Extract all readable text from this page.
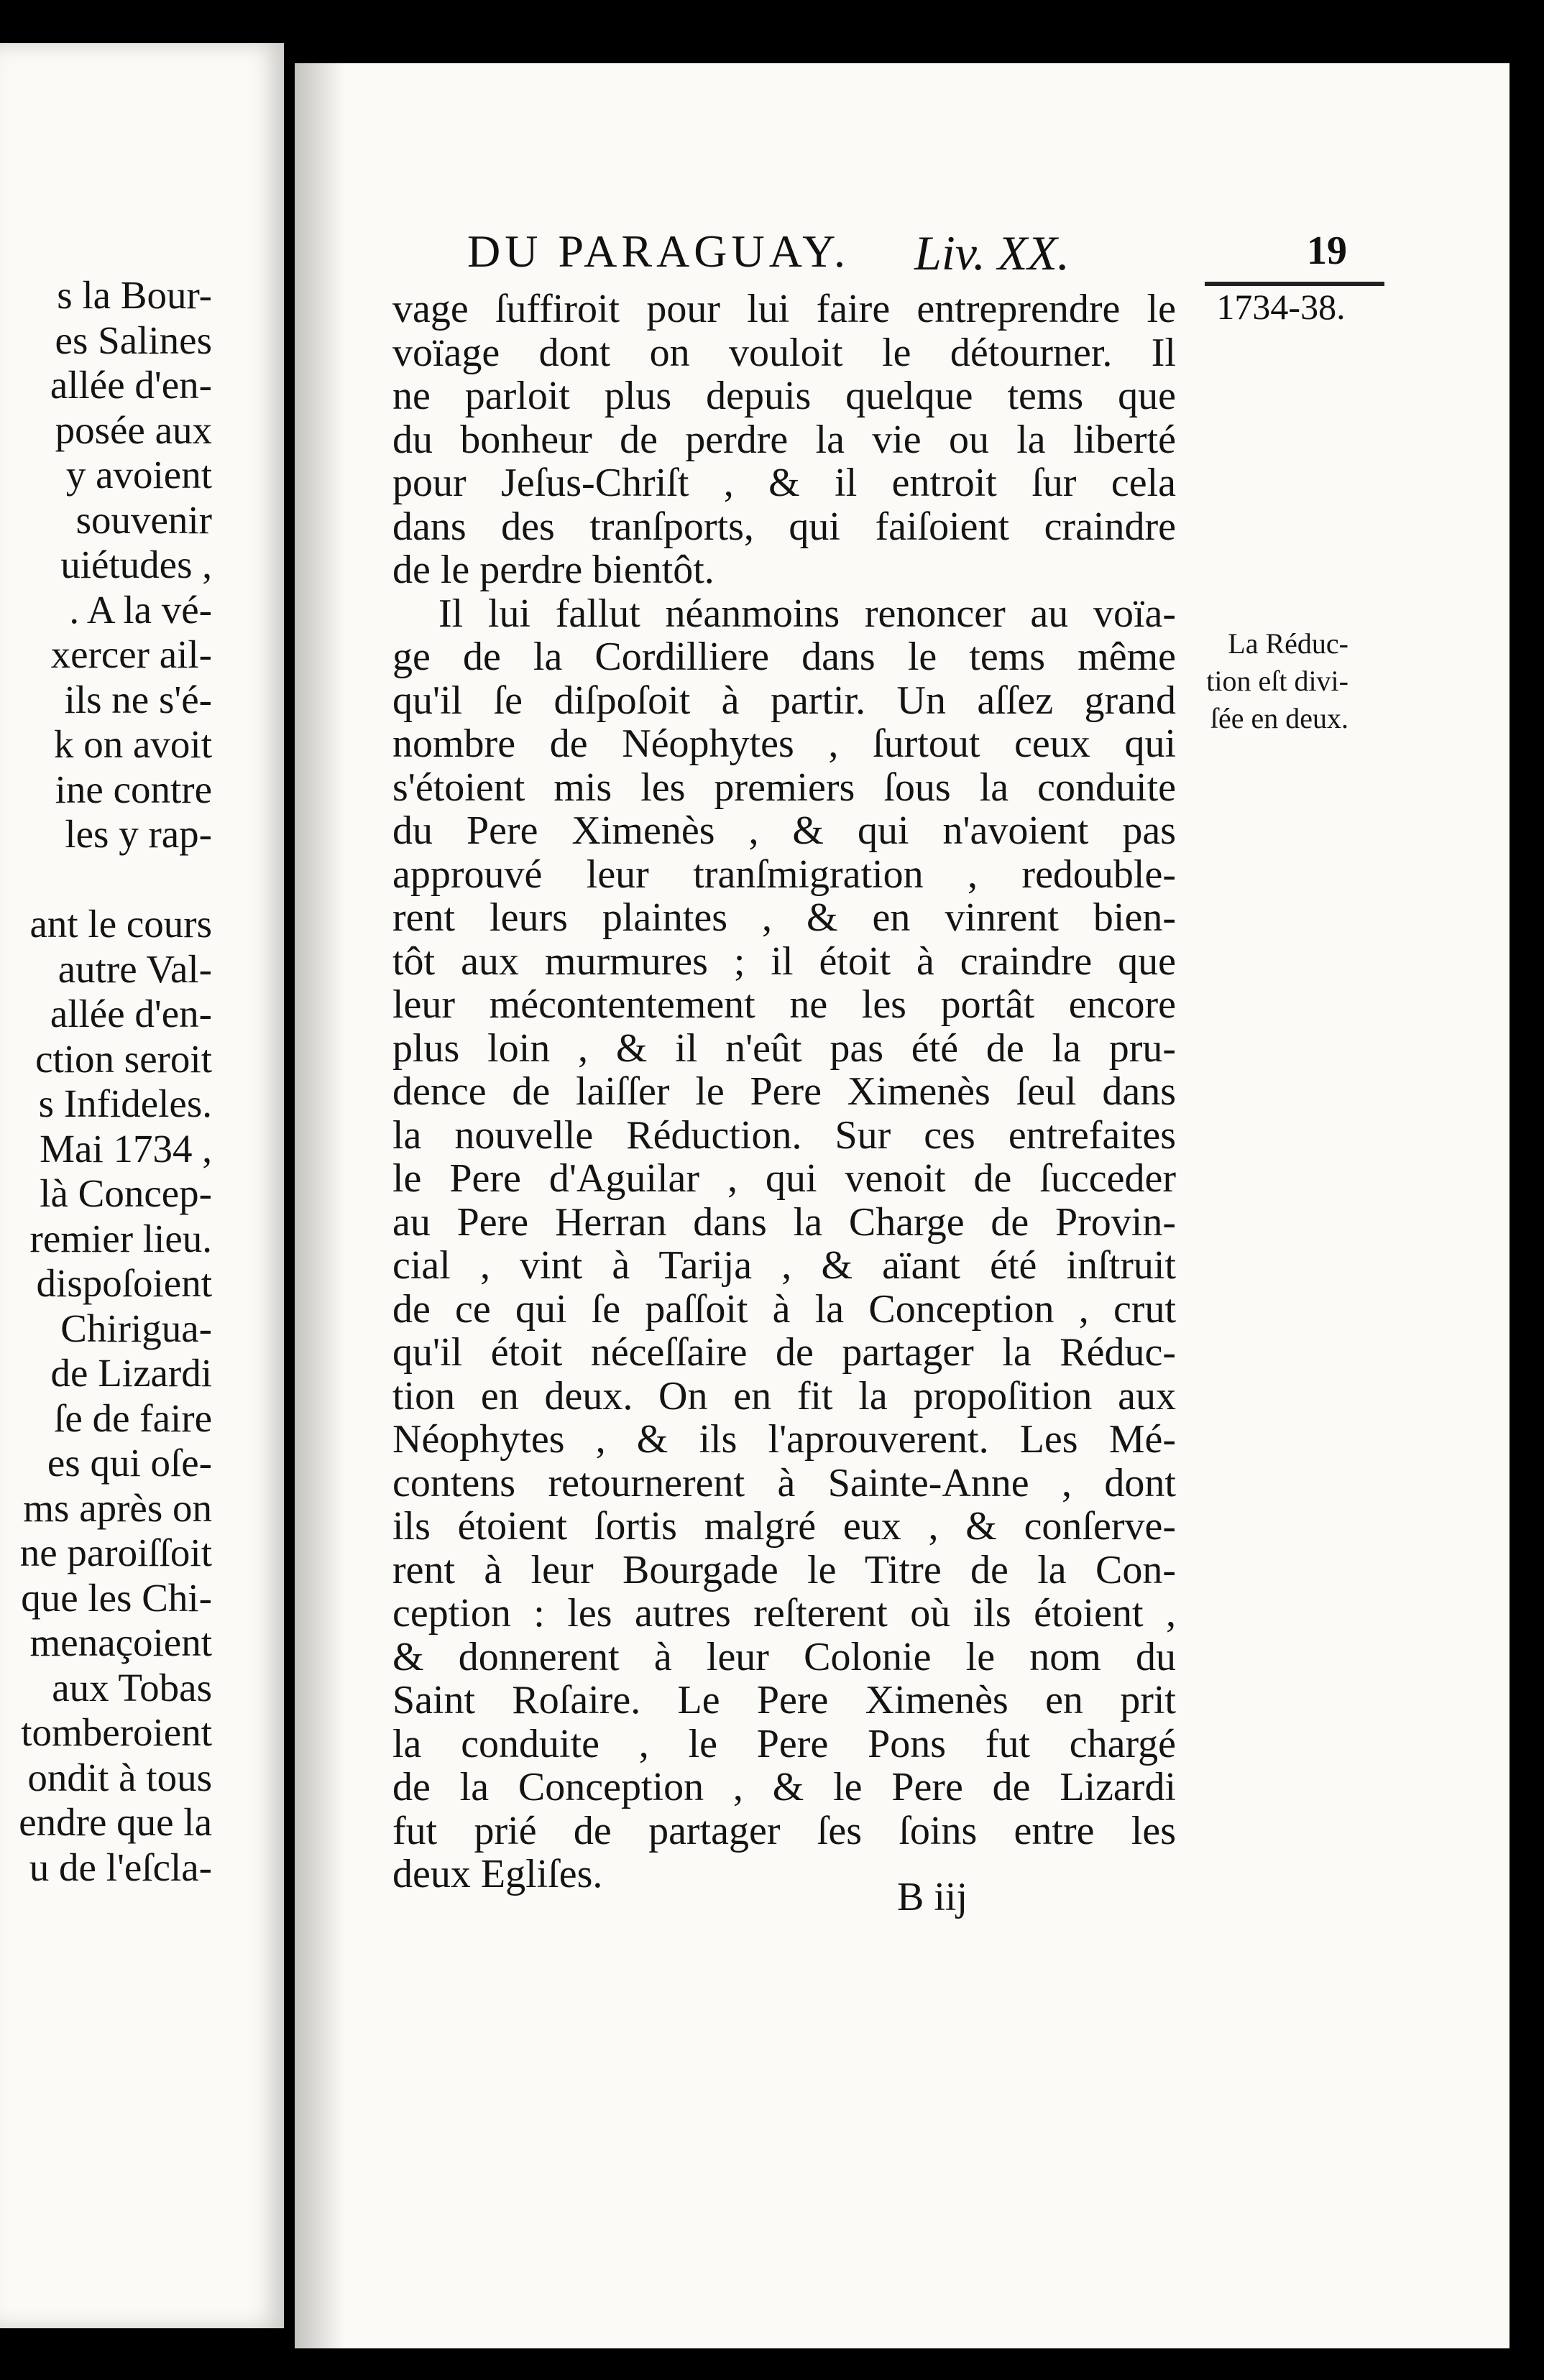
s la Bour-
es Salines
allée d'en-
posée aux
y avoient
souvenir
uiétudes ,
. A la vé-
xercer ail-
ils ne s'é-
k on avoit
ine contre
les y rap-
ant le cours
autre Val-
allée d'en-
ction seroit
s Infideles.
Mai 1734 ,
là Concep-
remier lieu.
dispoſoient
Chirigua-
de Lizardi
ſe de faire
es qui oſe-
ms après on
ne paroiſſoit
que les Chi-
menaçoient
aux Tobas
tomberoient
ondit à tous
endre que la
u de l'eſcla-
DU PARAGUAY. Liv. XX.	19
1734-38.
La Réduc-
tion eſt divi-
ſée en deux.
vage ſuffiroit pour lui faire entreprendre le
voïage dont on vouloit le détourner. Il
ne parloit plus depuis quelque tems que
du bonheur de perdre la vie ou la liberté
pour Jeſus-Chriſt , & il entroit ſur cela
dans des tranſports, qui faiſoient craindre
de le perdre bientôt.
Il lui fallut néanmoins renoncer au voïa-
ge de la Cordilliere dans le tems même
qu'il ſe diſpoſoit à partir. Un aſſez grand
nombre de Néophytes , ſurtout ceux qui
s'étoient mis les premiers ſous la conduite
du Pere Ximenès , & qui n'avoient pas
approuvé leur tranſmigration , redouble-
rent leurs plaintes , & en vinrent bien-
tôt aux murmures ; il étoit à craindre que
leur mécontentement ne les portât encore
plus loin , & il n'eût pas été de la pru-
dence de laiſſer le Pere Ximenès ſeul dans
la nouvelle Réduction. Sur ces entrefaites
le Pere d'Aguilar , qui venoit de ſucceder
au Pere Herran dans la Charge de Provin-
cial , vint à Tarija , & aïant été inſtruit
de ce qui ſe paſſoit à la Conception , crut
qu'il étoit néceſſaire de partager la Réduc-
tion en deux. On en fit la propoſition aux
Néophytes , & ils l'aprouverent. Les Mé-
contens retournerent à Sainte-Anne , dont
ils étoient ſortis malgré eux , & conſerve-
rent à leur Bourgade le Titre de la Con-
ception : les autres reſterent où ils étoient ,
& donnerent à leur Colonie le nom du
Saint Roſaire. Le Pere Ximenès en prit
la conduite , le Pere Pons fut chargé
de la Conception , & le Pere de Lizardi
fut prié de partager ſes ſoins entre les
deux Egliſes.
B iij
